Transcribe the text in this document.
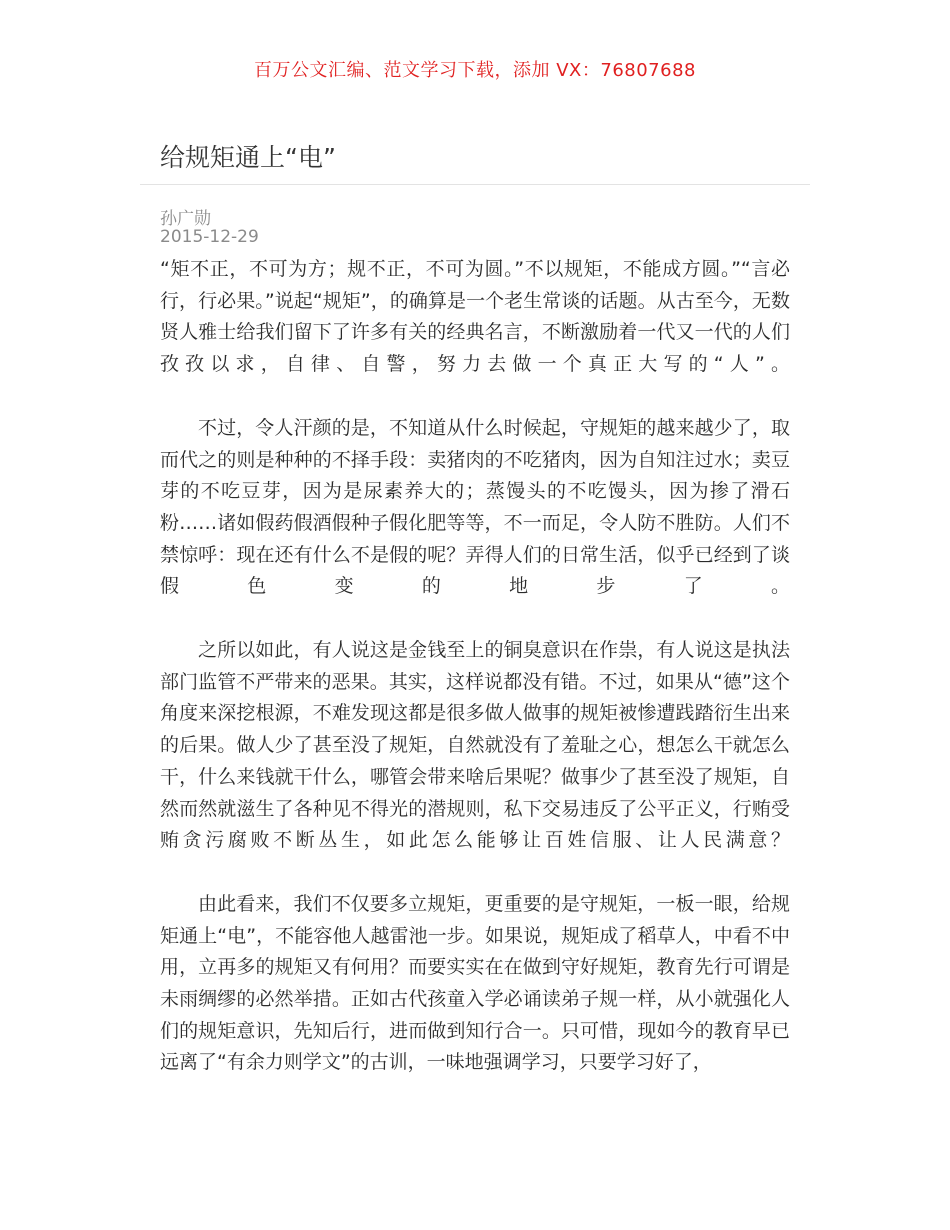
百万公文汇编、范文学习下载，添加 VX：76807688
给规矩通上“电”
孙广勋
2015-12-29

“矩不正，不可为方；规不正，不可为圆。”不以规矩，不能成方圆。”“言必行，行必果。”说起“规矩”，的确算是一个老生常谈的话题。从古至今，无数贤人雅士给我们留下了许多有关的经典名言，不断激励着一代又一代的人们孜孜以求，自律、自警，努力去做一个真正大写的“人”。

不过，令人汗颜的是，不知道从什么时候起，守规矩的越来越少了，取而代之的则是种种的不择手段：卖猪肉的不吃猪肉，因为自知注过水；卖豆芽的不吃豆芽，因为是尿素养大的；蒸馒头的不吃馒头，因为掺了滑石粉……诸如假药假酒假种子假化肥等等，不一而足，令人防不胜防。人们不禁惊呼：现在还有什么不是假的呢？弄得人们的日常生活，似乎已经到了谈假色变的地步了。

之所以如此，有人说这是金钱至上的铜臭意识在作祟，有人说这是执法部门监管不严带来的恶果。其实，这样说都没有错。不过，如果从“德”这个角度来深挖根源，不难发现这都是很多做人做事的规矩被惨遭践踏衍生出来的后果。做人少了甚至没了规矩，自然就没有了羞耻之心，想怎么干就怎么干，什么来钱就干什么，哪管会带来啥后果呢？做事少了甚至没了规矩，自然而然就滋生了各种见不得光的潜规则，私下交易违反了公平正义，行贿受贿贪污腐败不断丛生，如此怎么能够让百姓信服、让人民满意？

由此看来，我们不仅要多立规矩，更重要的是守规矩，一板一眼，给规矩通上“电”，不能容他人越雷池一步。如果说，规矩成了稻草人，中看不中用，立再多的规矩又有何用？而要实实在在做到守好规矩，教育先行可谓是未雨绸缪的必然举措。正如古代孩童入学必诵读弟子规一样，从小就强化人们的规矩意识，先知后行，进而做到知行合一。只可惜，现如今的教育早已远离了“有余力则学文”的古训，一味地强调学习，只要学习好了，
